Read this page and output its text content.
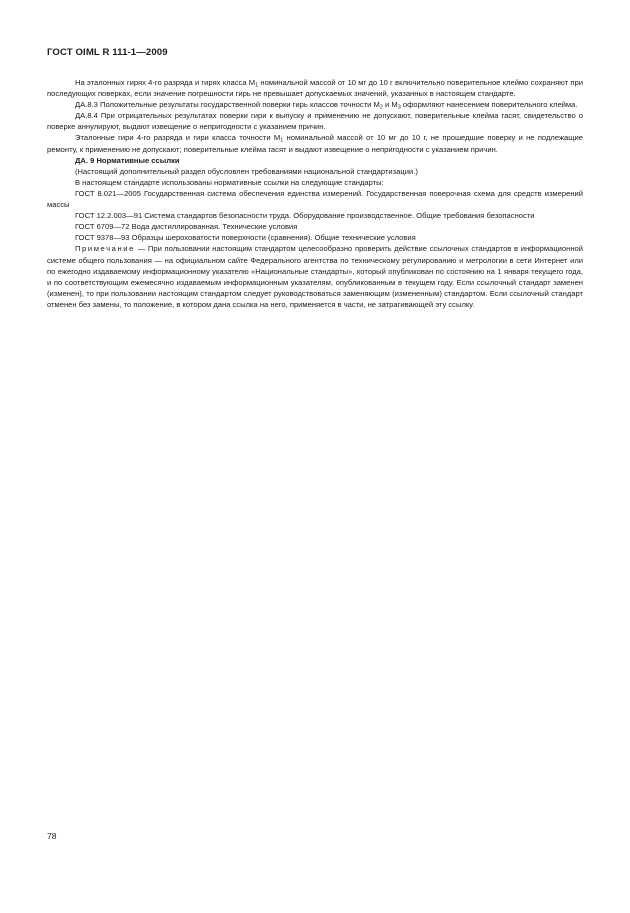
ГОСТ OIML R 111-1—2009

На эталонных гирях 4-го разряда и гирях класса $М_1$ номинальной массой от 10 мг до 10 г включительно поверительное клеймо сохраняют при последующих поверках, если значение погрешности гирь не превышает допускаемых значений, указанных в настоящем стандарте.

ДА.8.3 Положительные результаты государственной поверки гирь классов точности $М_2$ и $М_3$ оформляют нанесением поверительного клейма.

ДА.8.4 При отрицательных результатах поверки гири к выпуску и применению не допускают, поверительные клейма гасят, свидетельство о поверке аннулируют, выдают извещение о непригодности с указанием причин.

Эталонные гири 4-го разряда и гири класса точности $М_1$ номинальной массой от 10 мг до 10 г, не прошедшие поверку и не подлежащие ремонту, к применению не допускают; поверительные клейма гасят и выдают извещение о непригодности с указанием причин.

ДА. 9 Нормативные ссылки

(Настоящий дополнительный раздел обусловлен требованиями национальной стандартизации.)

В настоящем стандарте использованы нормативные ссылки на следующие стандарты:

ГОСТ 8.021—2005 Государственная система обеспечения единства измерений. Государственная поверочная схема для средств измерений массы

ГОСТ 12.2.003—91 Система стандартов безопасности труда. Оборудование производственное. Общие требования безопасности

ГОСТ 6709—72 Вода дистиллированная. Технические условия

ГОСТ 9378—93 Образцы шероховатости поверхности (сравнения). Общие технические условия

Примечание — При пользовании настоящим стандартом целесообразно проверить действие ссылочных стандартов в информационной системе общего пользования — на официальном сайте Федерального агентства по техническому регулированию и метрологии в сети Интернет или по ежегодно издаваемому информационному указателю «Национальные стандарты», который опубликован по состоянию на 1 января текущего года, и по соответствующим ежемесячно издаваемым информационным указателям, опубликованным в текущем году. Если ссылочный стандарт заменен (изменен), то при пользовании настоящим стандартом следует руководствоваться заменяющим (измененным) стандартом. Если ссылочный стандарт отменен без замены, то положение, в котором дана ссылка на него, применяется в части, не затрагивающей эту ссылку.

78
